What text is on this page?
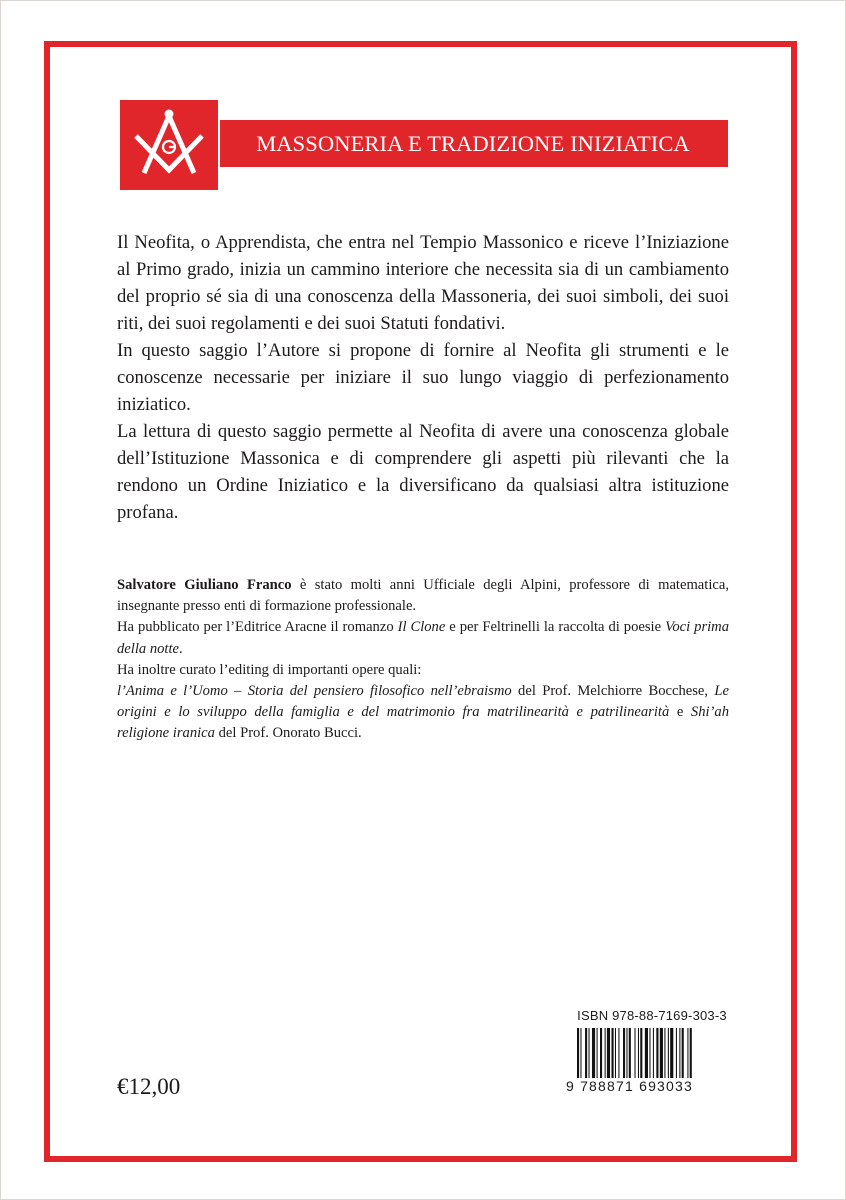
MASSONERIA E TRADIZIONE INIZIATICA

Il Neofita, o Apprendista, che entra nel Tempio Massonico e riceve l’Iniziazione al Primo grado, inizia un cammino interiore che necessita sia di un cambiamento del proprio sé sia di una conoscenza della Massoneria, dei suoi simboli, dei suoi riti, dei suoi regolamenti e dei suoi Statuti fondativi.

In questo saggio l’Autore si propone di fornire al Neofita gli strumenti e le conoscenze necessarie per iniziare il suo lungo viaggio di perfezionamento iniziatico.

La lettura di questo saggio permette al Neofita di avere una conoscenza globale dell’Istituzione Massonica e di comprendere gli aspetti più rilevanti che la rendono un Ordine Iniziatico e la diversificano da qualsiasi altra istituzione profana.

Salvatore Giuliano Franco è stato molti anni Ufficiale degli Alpini, professore di matematica, insegnante presso enti di formazione professionale.

Ha pubblicato per l’Editrice Aracne il romanzo Il Clone e per Feltrinelli la raccolta di poesie Voci prima della notte.

Ha inoltre curato l’editing di importanti opere quali:

l’Anima e l’Uomo – Storia del pensiero filosofico nell’ebraismo del Prof. Melchiorre Bocchese, Le origini e lo sviluppo della famiglia e del matrimonio fra matrilinearità e patrilinearità e Shi’ah religione iranica del Prof. Onorato Bucci.

ISBN 978-88-7169-303-3
9 788871 693033
€12,00
